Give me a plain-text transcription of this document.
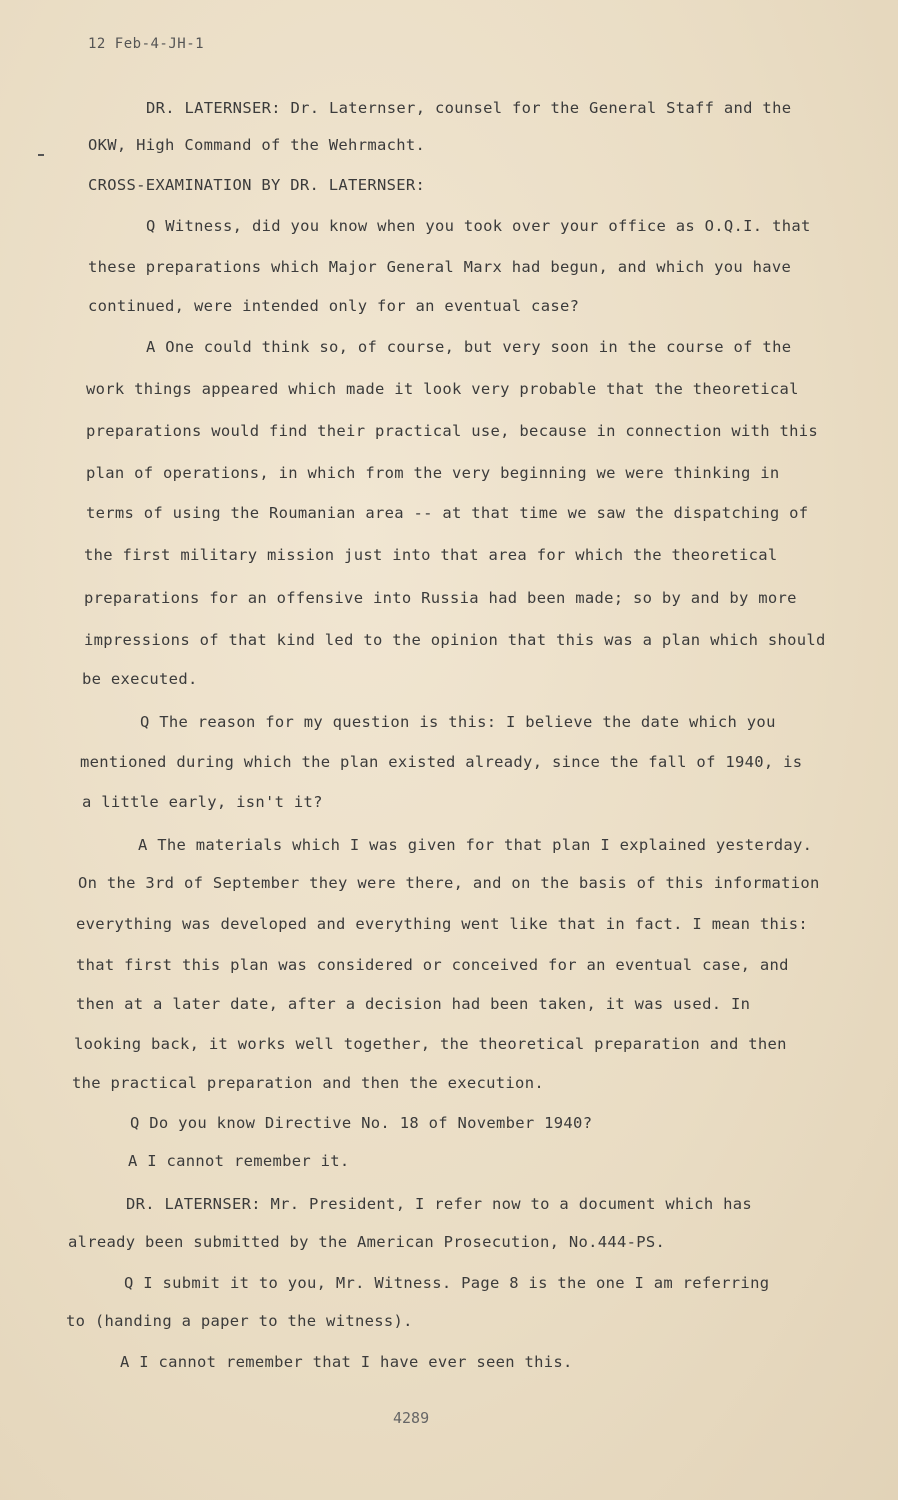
12 Feb-4-JH-1
DR. LATERNSER: Dr. Laternser, counsel for the General Staff and the
OKW, High Command of the Wehrmacht.
CROSS-EXAMINATION BY DR. LATERNSER:
Q Witness, did you know when you took over your office as O.Q.I. that
these preparations which Major General Marx had begun, and which you have
continued, were intended only for an eventual case?
A One could think so, of course, but very soon in the course of the
work things appeared which made it look very probable that the theoretical
preparations would find their practical use, because in connection with this
plan of operations, in which from the very beginning we were thinking in
terms of using the Roumanian area -- at that time we saw the dispatching of
the first military mission just into that area for which the theoretical
preparations for an offensive into Russia had been made; so by and by more
impressions of that kind led to the opinion that this was a plan which should
be executed.
Q The reason for my question is this: I believe the date which you
mentioned during which the plan existed already, since the fall of 1940, is
a little early, isn't it?
A The materials which I was given for that plan I explained yesterday.
On the 3rd of September they were there, and on the basis of this information
everything was developed and everything went like that in fact. I mean this:
that first this plan was considered or conceived for an eventual case, and
then at a later date, after a decision had been taken, it was used. In
looking back, it works well together, the theoretical preparation and then
the practical preparation and then the execution.
Q Do you know Directive No. 18 of November 1940?
A I cannot remember it.
DR. LATERNSER: Mr. President, I refer now to a document which has
already been submitted by the American Prosecution, No.444-PS.
Q I submit it to you, Mr. Witness. Page 8 is the one I am referring
to (handing a paper to the witness).
A I cannot remember that I have ever seen this.
4289
